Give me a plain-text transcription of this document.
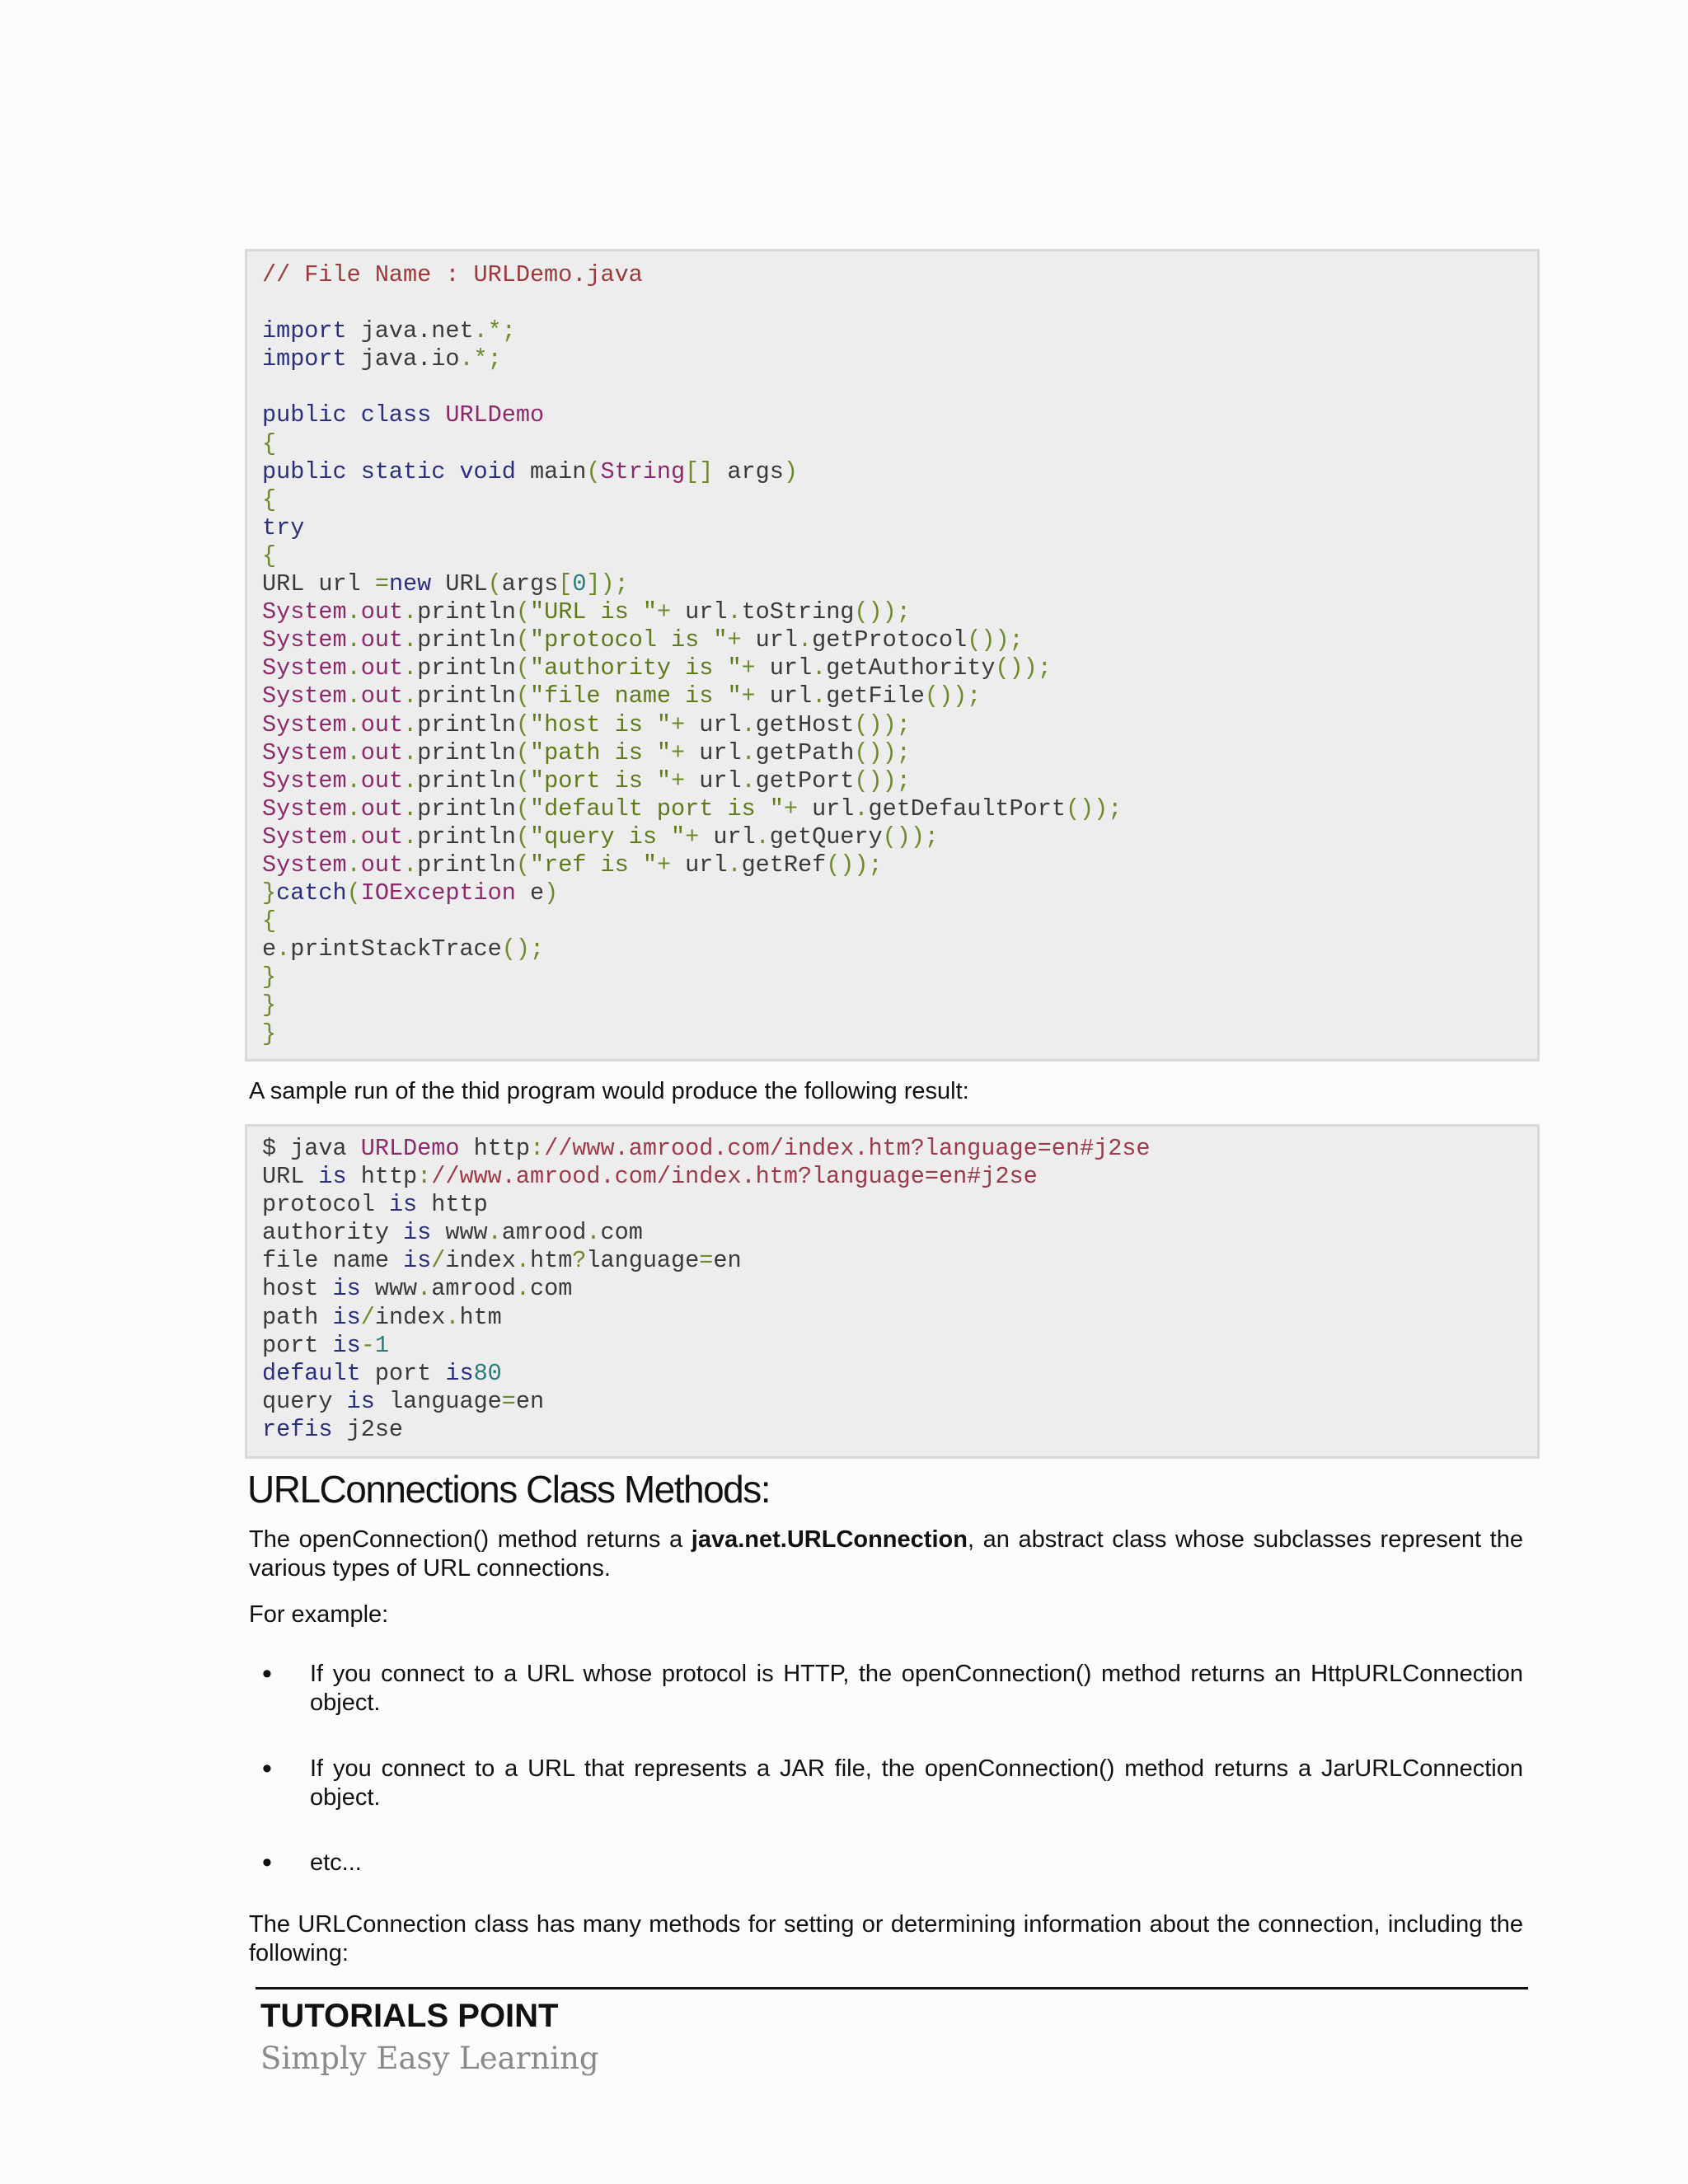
// File Name : URLDemo.java

import java.net.*;
import java.io.*;

public class URLDemo
{
public static void main(String[] args)
{
try
{
URL url =new URL(args[0]);
System.out.println("URL is "+ url.toString());
System.out.println("protocol is "+ url.getProtocol());
System.out.println("authority is "+ url.getAuthority());
System.out.println("file name is "+ url.getFile());
System.out.println("host is "+ url.getHost());
System.out.println("path is "+ url.getPath());
System.out.println("port is "+ url.getPort());
System.out.println("default port is "+ url.getDefaultPort());
System.out.println("query is "+ url.getQuery());
System.out.println("ref is "+ url.getRef());
}catch(IOException e)
{
e.printStackTrace();
}
}
}

A sample run of the thid program would produce the following result:

$ java URLDemo http://www.amrood.com/index.htm?language=en#j2se
URL is http://www.amrood.com/index.htm?language=en#j2se
protocol is http
authority is www.amrood.com
file name is/index.htm?language=en
host is www.amrood.com
path is/index.htm
port is-1
default port is80
query is language=en
refis j2se
URLConnections Class Methods:

The openConnection() method returns a java.net.URLConnection, an abstract class whose subclasses represent the various types of URL connections.

For example:

• If you connect to a URL whose protocol is HTTP, the openConnection() method returns an HttpURLConnection object.

• If you connect to a URL that represents a JAR file, the openConnection() method returns a JarURLConnection object.

• etc...

The URLConnection class has many methods for setting or determining information about the connection, including the following:

TUTORIALS POINT
Simply Easy Learning
